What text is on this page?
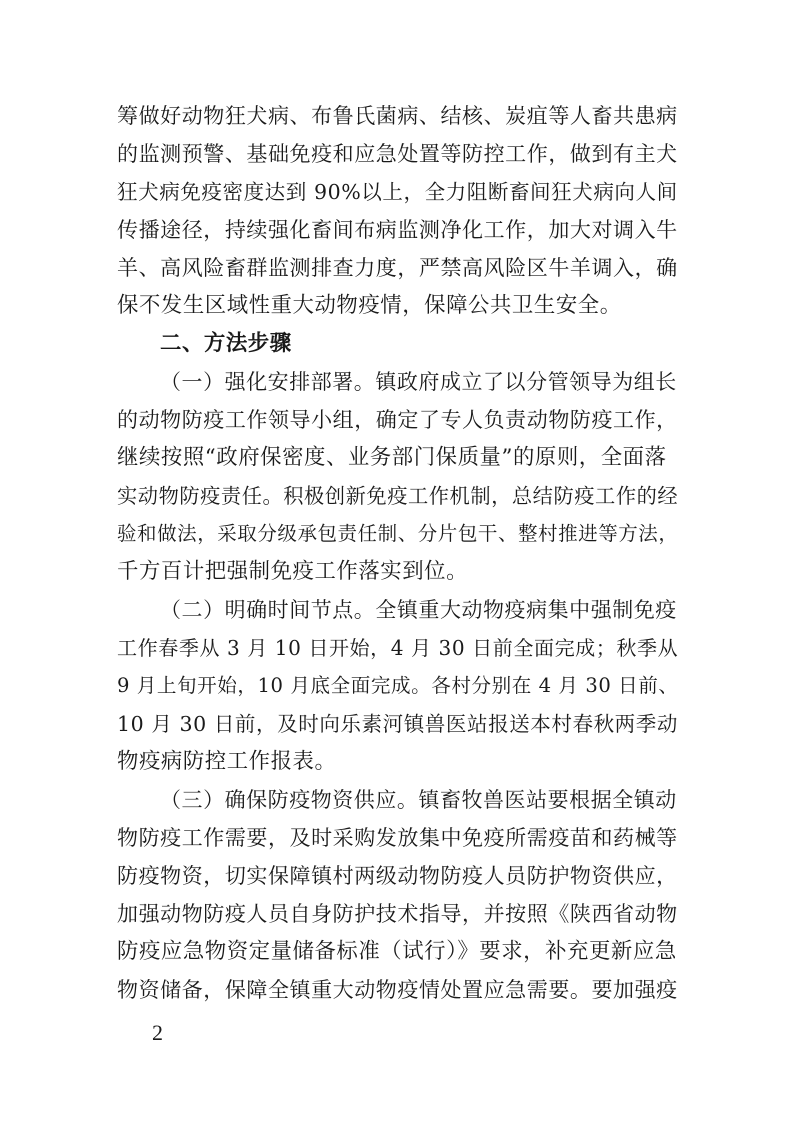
筹做好动物狂犬病、布鲁氏菌病、结核、炭疽等人畜共患病
的监测预警、基础免疫和应急处置等防控工作，做到有主犬
狂犬病免疫密度达到 90%以上，全力阻断畜间狂犬病向人间
传播途径，持续强化畜间布病监测净化工作，加大对调入牛
羊、高风险畜群监测排查力度，严禁高风险区牛羊调入，确
保不发生区域性重大动物疫情，保障公共卫生安全。
二、方法步骤
（一）强化安排部署。镇政府成立了以分管领导为组长
的动物防疫工作领导小组，确定了专人负责动物防疫工作，
继续按照“政府保密度、业务部门保质量”的原则，全面落
实动物防疫责任。积极创新免疫工作机制，总结防疫工作的经
验和做法，采取分级承包责任制、分片包干、整村推进等方法，
千方百计把强制免疫工作落实到位。
（二）明确时间节点。全镇重大动物疫病集中强制免疫
工作春季从 3 月 10 日开始，4 月 30 日前全面完成；秋季从
9 月上旬开始，10 月底全面完成。各村分别在 4 月 30 日前、
10 月 30 日前，及时向乐素河镇兽医站报送本村春秋两季动
物疫病防控工作报表。
（三）确保防疫物资供应。镇畜牧兽医站要根据全镇动
物防疫工作需要，及时采购发放集中免疫所需疫苗和药械等
防疫物资，切实保障镇村两级动物防疫人员防护物资供应，
加强动物防疫人员自身防护技术指导，并按照《陕西省动物
防疫应急物资定量储备标准（试行）》要求，补充更新应急
物资储备，保障全镇重大动物疫情处置应急需要。要加强疫
2
